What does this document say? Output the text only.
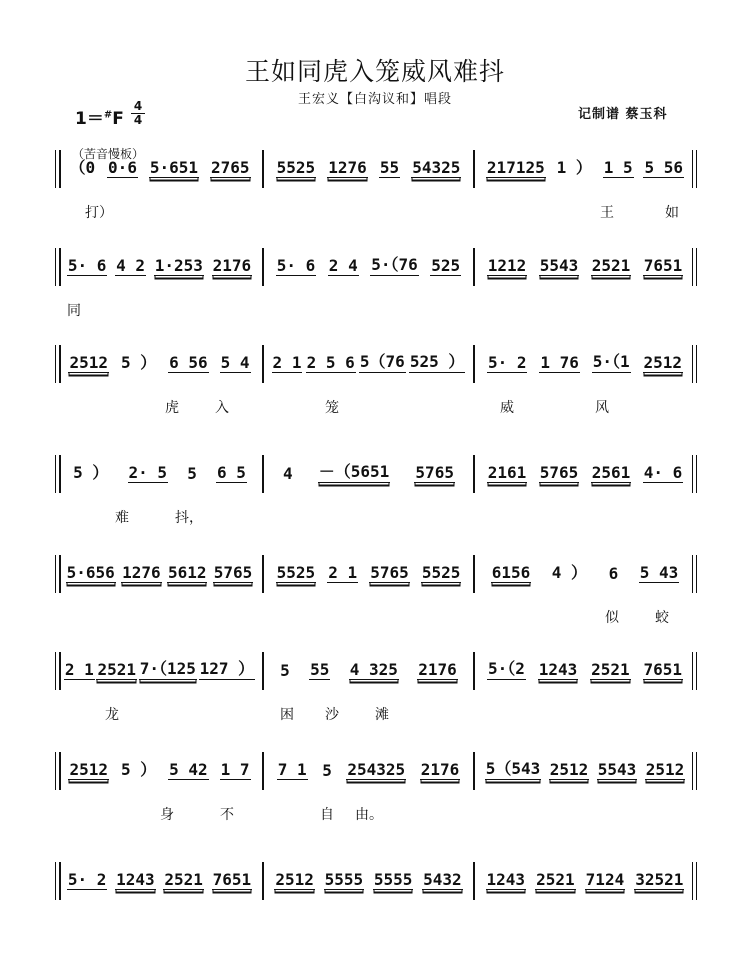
王如同虎入笼威风难抖
王宏义【白沟议和】唱段
1＝#F
4
4	记制谱 蔡玉科
（苦音慢板）
（0 0·6 5·651 2765 5525 1276 55 54325 217125 1 ） 1 5 5 56
打）	王	如
5· 6 4 2 1·253 2176 5· 6 2 4 5·（76 525 1212 5543 2521 7651
同
2512 5 ） 6 56 5 4 2 1 2 5 6 5（76 525 ） 5· 2 1 76 5·（1 2512
虎	入	笼	威	风
5 ） 2· 5 5 6 5 4 －（5651 5765 2161 5765 2561 4· 6
难	抖，
5·656 1276 5612 5765 5525 2 1 5765 5525 6156 4 ） 6 5 43
似	蛟
2 1 2521 7·（125 127 ） 5 55 4 325 2176 5·（2 1243 2521 7651
龙	困 沙	滩
2512 5 ） 5 42 1 7 7 1 5 254325 2176 5（543 2512 5543 2512
身	不	自 由。
5· 2 1243 2521 7651 2512 5555 5555 5432 1243 2521 7124 32521
